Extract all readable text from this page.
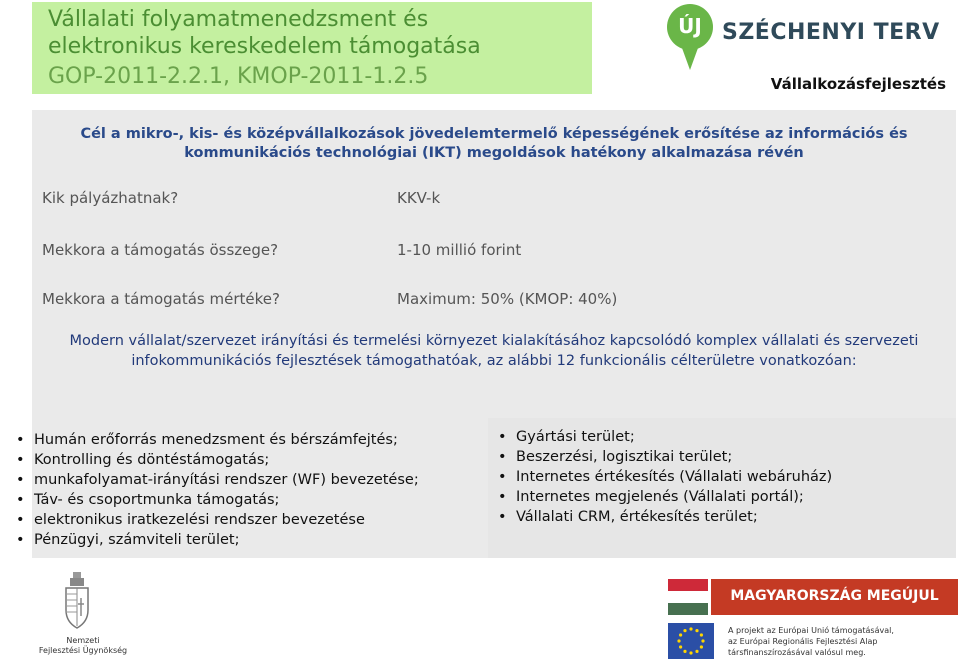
Vállalati folyamatmenedzsment és
elektronikus kereskedelem támogatása
GOP-2011-2.2.1, KMOP-2011-1.2.5
ÚJ SZÉCHENYI TERV
Vállalkozásfejlesztés
Cél a mikro-, kis- és középvállalkozások jövedelemtermelő képességének erősítése az információs és kommunikációs technológiai (IKT) megoldások hatékony alkalmazása révén
Kik pályázhatnak?	KKV-k
Mekkora a támogatás összege?	1-10 millió forint
Mekkora a támogatás mértéke?	Maximum: 50% (KMOP: 40%)
Modern vállalat/szervezet irányítási és termelési környezet kialakításához kapcsolódó komplex vállalati és szervezeti infokommunikációs fejlesztések támogathatóak, az alábbi 12 funkcionális célterületre vonatkozóan:
• Humán erőforrás menedzsment és bérszámfejtés;
• Kontrolling és döntéstámogatás;
• munkafolyamat-irányítási rendszer (WF) bevezetése;
• Táv- és csoportmunka támogatás;
• elektronikus iratkezelési rendszer bevezetése
• Pénzügyi, számviteli terület;
• Gyártási terület;
• Beszerzési, logisztikai terület;
• Internetes értékesítés (Vállalati webáruház)
• Internetes megjelenés (Vállalati portál);
• Vállalati CRM, értékesítés terület;
Nemzeti
Fejlesztési Ügynökség
MAGYARORSZÁG MEGÚJUL
A projekt az Európai Unió támogatásával,
az Európai Regionális Fejlesztési Alap
társfinanszírozásával valósul meg.
